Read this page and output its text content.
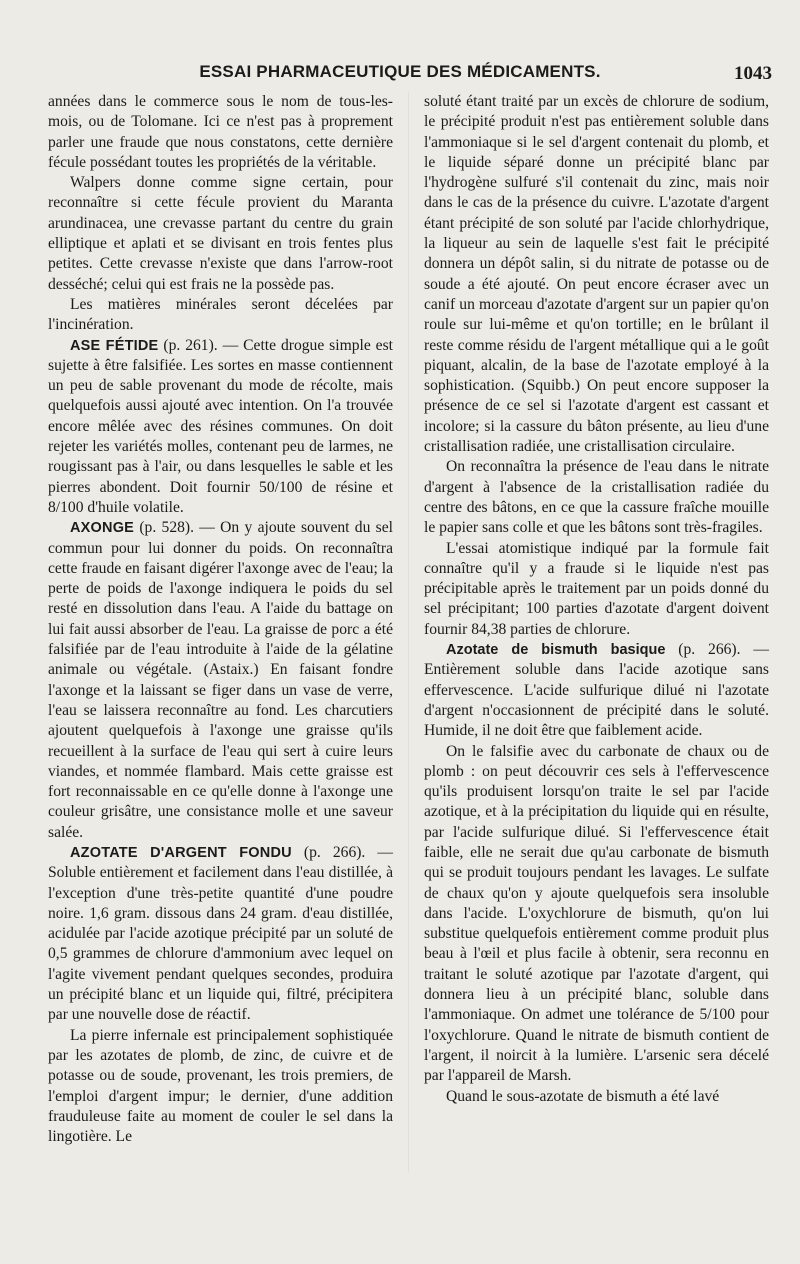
ESSAI PHARMACEUTIQUE DES MÉDICAMENTS.	1043

années dans le commerce sous le nom de tous-les-mois, ou de Tolomane. Ici ce n'est pas à proprement parler une fraude que nous constatons, cette dernière fécule possédant toutes les propriétés de la véritable.

Walpers donne comme signe certain, pour reconnaître si cette fécule provient du Maranta arundinacea, une crevasse partant du centre du grain elliptique et aplati et se divisant en trois fentes plus petites. Cette crevasse n'existe que dans l'arrow-root desséché; celui qui est frais ne la possède pas.

Les matières minérales seront décelées par l'incinération.

ASE FÉTIDE (p. 261). — Cette drogue simple est sujette à être falsifiée. Les sortes en masse contiennent un peu de sable provenant du mode de récolte, mais quelquefois aussi ajouté avec intention. On l'a trouvée encore mêlée avec des résines communes. On doit rejeter les variétés molles, contenant peu de larmes, ne rougissant pas à l'air, ou dans lesquelles le sable et les pierres abondent. Doit fournir 50/100 de résine et 8/100 d'huile volatile.

AXONGE (p. 528). — On y ajoute souvent du sel commun pour lui donner du poids. On reconnaîtra cette fraude en faisant digérer l'axonge avec de l'eau; la perte de poids de l'axonge indiquera le poids du sel resté en dissolution dans l'eau. A l'aide du battage on lui fait aussi absorber de l'eau. La graisse de porc a été falsifiée par de l'eau introduite à l'aide de la gélatine animale ou végétale. (Astaix.) En faisant fondre l'axonge et la laissant se figer dans un vase de verre, l'eau se laissera reconnaître au fond. Les charcutiers ajoutent quelquefois à l'axonge une graisse qu'ils recueillent à la surface de l'eau qui sert à cuire leurs viandes, et nommée flambard. Mais cette graisse est fort reconnaissable en ce qu'elle donne à l'axonge une couleur grisâtre, une consistance molle et une saveur salée.

AZOTATE D'ARGENT FONDU (p. 266). — Soluble entièrement et facilement dans l'eau distillée, à l'exception d'une très-petite quantité d'une poudre noire. 1,6 gram. dissous dans 24 gram. d'eau distillée, acidulée par l'acide azotique précipité par un soluté de 0,5 grammes de chlorure d'ammonium avec lequel on l'agite vivement pendant quelques secondes, produira un précipité blanc et un liquide qui, filtré, précipitera par une nouvelle dose de réactif.

La pierre infernale est principalement sophistiquée par les azotates de plomb, de zinc, de cuivre et de potasse ou de soude, provenant, les trois premiers, de l'emploi d'argent impur; le dernier, d'une addition frauduleuse faite au moment de couler le sel dans la lingotière. Le

soluté étant traité par un excès de chlorure de sodium, le précipité produit n'est pas entièrement soluble dans l'ammoniaque si le sel d'argent contenait du plomb, et le liquide séparé donne un précipité blanc par l'hydrogène sulfuré s'il contenait du zinc, mais noir dans le cas de la présence du cuivre. L'azotate d'argent étant précipité de son soluté par l'acide chlorhydrique, la liqueur au sein de laquelle s'est fait le précipité donnera un dépôt salin, si du nitrate de potasse ou de soude a été ajouté. On peut encore écraser avec un canif un morceau d'azotate d'argent sur un papier qu'on roule sur lui-même et qu'on tortille; en le brûlant il reste comme résidu de l'argent métallique qui a le goût piquant, alcalin, de la base de l'azotate employé à la sophistication. (Squibb.) On peut encore supposer la présence de ce sel si l'azotate d'argent est cassant et incolore; si la cassure du bâton présente, au lieu d'une cristallisation radiée, une cristallisation circulaire.

On reconnaîtra la présence de l'eau dans le nitrate d'argent à l'absence de la cristallisation radiée du centre des bâtons, en ce que la cassure fraîche mouille le papier sans colle et que les bâtons sont très-fragiles.

L'essai atomistique indiqué par la formule fait connaître qu'il y a fraude si le liquide n'est pas précipitable après le traitement par un poids donné du sel précipitant; 100 parties d'azotate d'argent doivent fournir 84,38 parties de chlorure.

Azotate de bismuth basique (p. 266). — Entièrement soluble dans l'acide azotique sans effervescence. L'acide sulfurique dilué ni l'azotate d'argent n'occasionnent de précipité dans le soluté. Humide, il ne doit être que faiblement acide.

On le falsifie avec du carbonate de chaux ou de plomb : on peut découvrir ces sels à l'effervescence qu'ils produisent lorsqu'on traite le sel par l'acide azotique, et à la précipitation du liquide qui en résulte, par l'acide sulfurique dilué. Si l'effervescence était faible, elle ne serait due qu'au carbonate de bismuth qui se produit toujours pendant les lavages. Le sulfate de chaux qu'on y ajoute quelquefois sera insoluble dans l'acide. L'oxychlorure de bismuth, qu'on lui substitue quelquefois entièrement comme produit plus beau à l'œil et plus facile à obtenir, sera reconnu en traitant le soluté azotique par l'azotate d'argent, qui donnera lieu à un précipité blanc, soluble dans l'ammoniaque. On admet une tolérance de 5/100 pour l'oxychlorure. Quand le nitrate de bismuth contient de l'argent, il noircit à la lumière. L'arsenic sera décelé par l'appareil de Marsh.

Quand le sous-azotate de bismuth a été lavé
